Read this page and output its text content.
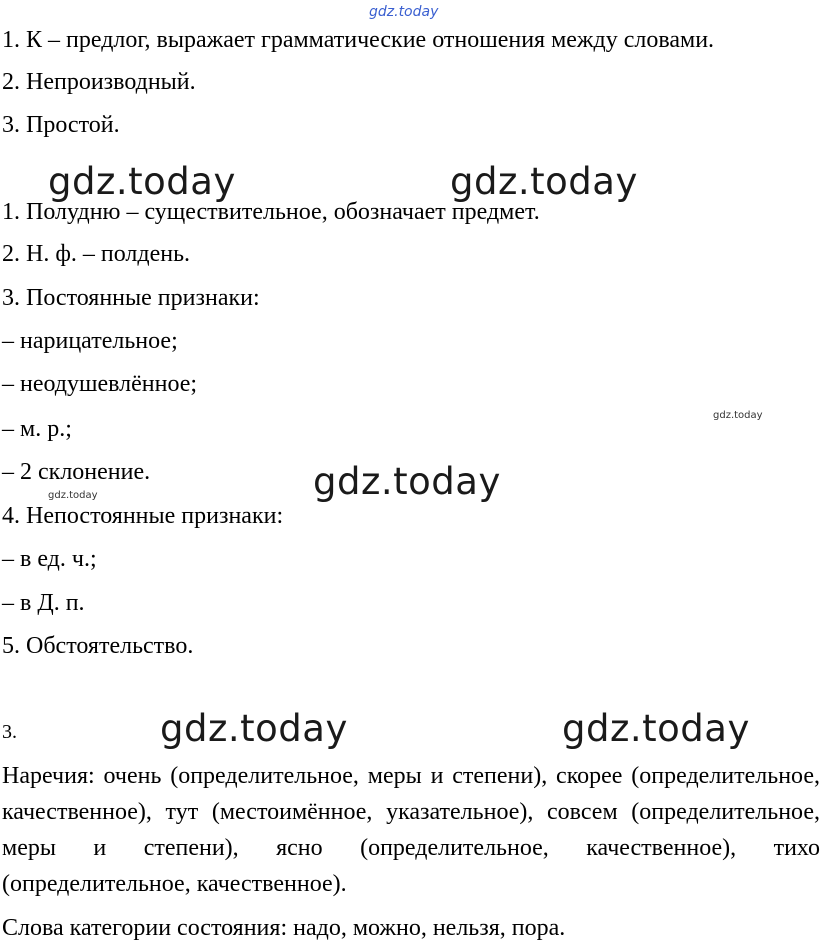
gdz.today
gdz.today	gdz.today
gdz.today
gdz.today
gdz.today
gdz.today	gdz.today
1. К – предлог, выражает грамматические отношения между словами.
2. Непроизводный.
3. Простой.
1. Полудню – существительное, обозначает предмет.
2. Н. ф. – полдень.
3. Постоянные признаки:
– нарицательное;
– неодушевлённое;
– м. р.;
– 2 склонение.
4. Непостоянные признаки:
– в ед. ч.;
– в Д. п.
5. Обстоятельство.
3.
Наречия: очень (определительное, меры и степени), скорее (определительное, качественное), тут (местоимённое, указательное), совсем (определительное, меры и степени), ясно (определительное, качественное), тихо (определительное, качественное).
Слова категории состояния: надо, можно, нельзя, пора.
